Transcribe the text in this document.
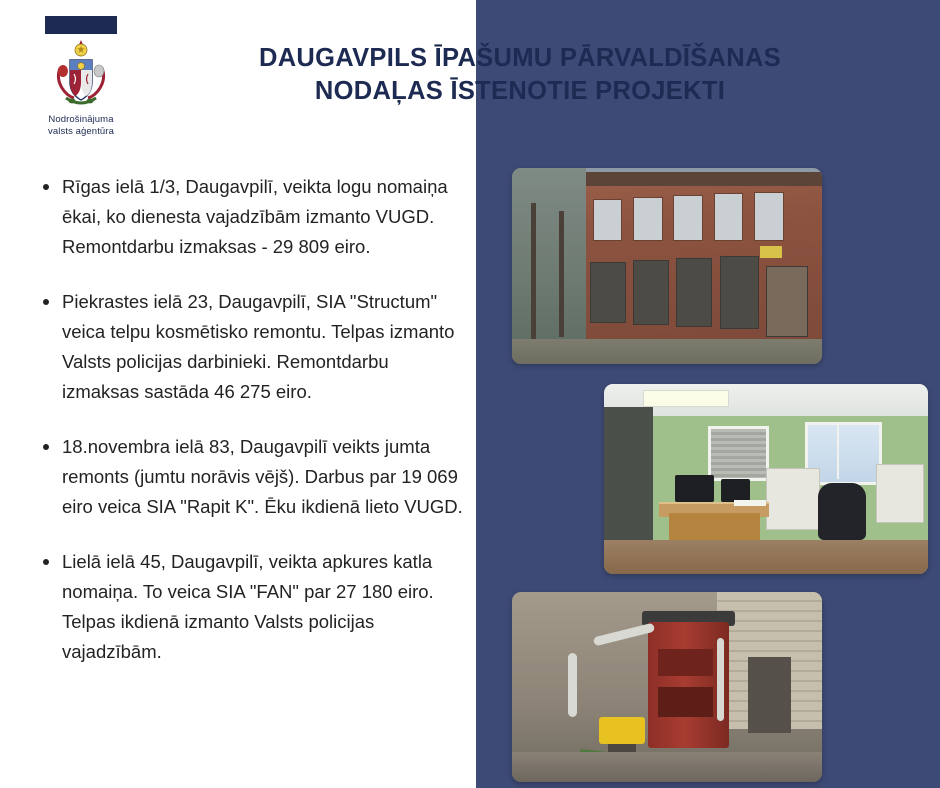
Nodrošinājuma
valsts aģentūra
DAUGAVPILS ĪPAŠUMU PĀRVALDĪŠANAS
NODAĻAS ĪSTENOTIE PROJEKTI
Rīgas ielā 1/3, Daugavpilī, veikta logu nomaiņa ēkai, ko dienesta vajadzībām izmanto VUGD. Remontdarbu izmaksas - 29 809 eiro.
Piekrastes ielā 23, Daugavpilī, SIA "Structum" veica telpu kosmētisko remontu. Telpas izmanto Valsts policijas darbinieki. Remontdarbu izmaksas sastāda 46 275 eiro.
18.novembra ielā 83, Daugavpilī veikts jumta remonts (jumtu norāvis vējš). Darbus par 19 069 eiro veica SIA "Rapit K". Ēku ikdienā lieto VUGD.
Lielā ielā 45, Daugavpilī, veikta apkures katla nomaiņa. To veica SIA "FAN" par 27 180 eiro. Telpas ikdienā izmanto Valsts policijas vajadzībām.
